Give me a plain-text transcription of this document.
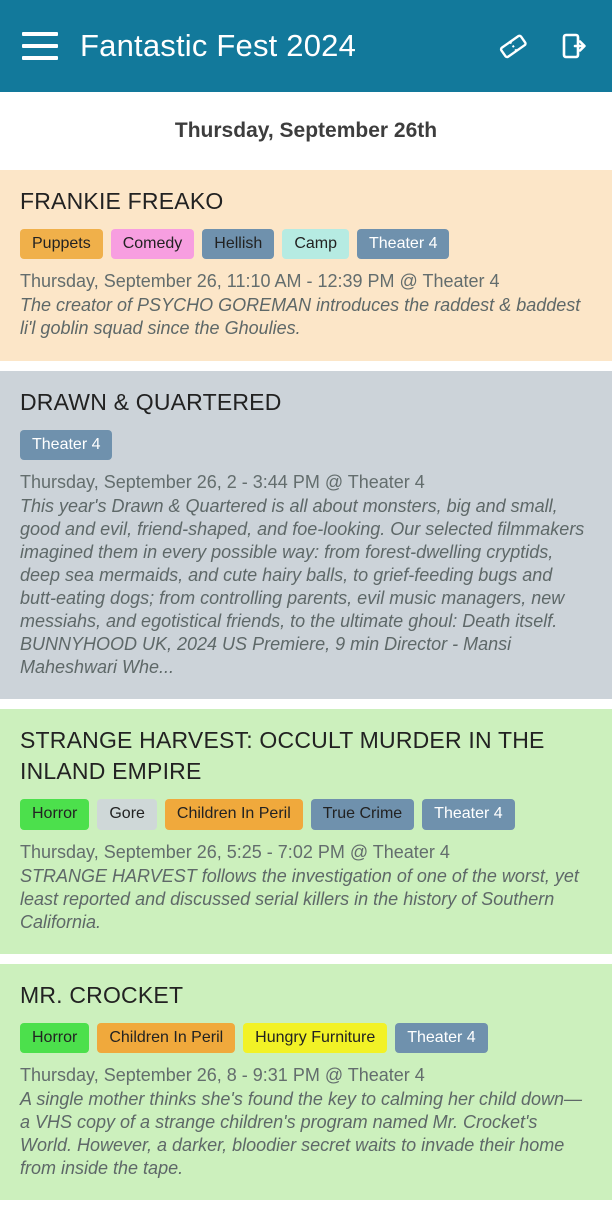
Fantastic Fest 2024
Thursday, September 26th
FRANKIE FREAKO
Puppets	Comedy	Hellish	Camp	Theater 4
Thursday, September 26, 11:10 AM - 12:39 PM @ Theater 4
The creator of PSYCHO GOREMAN introduces the raddest & baddest li'l goblin squad since the Ghoulies.
DRAWN & QUARTERED
Theater 4
Thursday, September 26, 2 - 3:44 PM @ Theater 4
This year's Drawn & Quartered is all about monsters, big and small, good and evil, friend-shaped, and foe-looking. Our selected filmmakers imagined them in every possible way: from forest-dwelling cryptids, deep sea mermaids, and cute hairy balls, to grief-feeding bugs and butt-eating dogs; from controlling parents, evil music managers, new messiahs, and egotistical friends, to the ultimate ghoul: Death itself. BUNNYHOOD UK, 2024 US Premiere, 9 min Director - Mansi Maheshwari Whe...
STRANGE HARVEST: OCCULT MURDER IN THE INLAND EMPIRE
Horror	Gore	Children In Peril	True Crime	Theater 4
Thursday, September 26, 5:25 - 7:02 PM @ Theater 4
STRANGE HARVEST follows the investigation of one of the worst, yet least reported and discussed serial killers in the history of Southern California.
MR. CROCKET
Horror	Children In Peril	Hungry Furniture	Theater 4
Thursday, September 26, 8 - 9:31 PM @ Theater 4
A single mother thinks she's found the key to calming her child down—a VHS copy of a strange children's program named Mr. Crocket's World. However, a darker, bloodier secret waits to invade their home from inside the tape.
